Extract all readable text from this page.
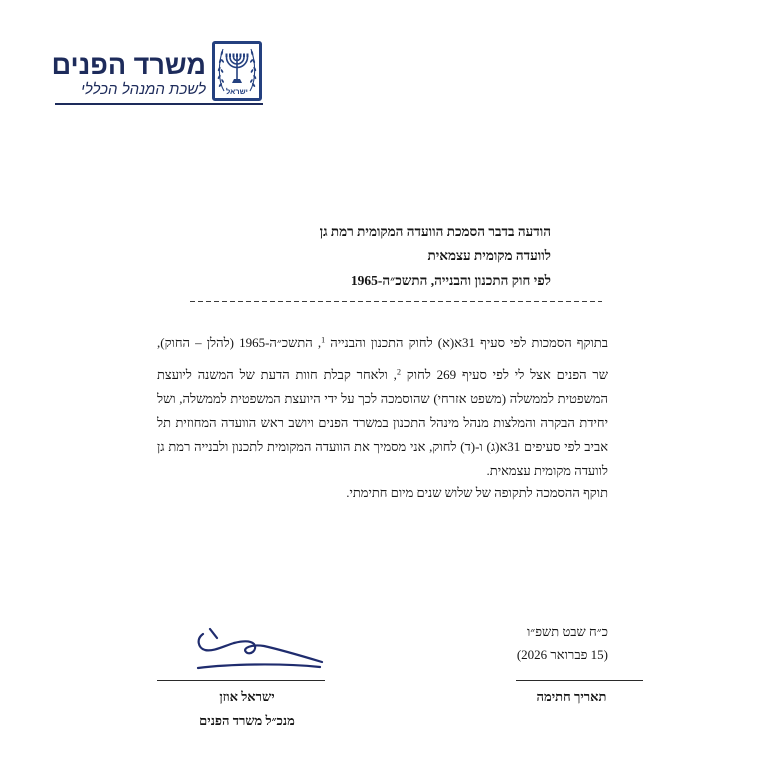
ישראל
משרד הפנים
לשכת המנהל הכללי
הודעה בדבר הסמכת הוועדה המקומית רמת גן
לוועדה מקומית עצמאית
לפי חוק התכנון והבנייה, התשכ״ה-1965
בתוקף הסמכות לפי סעיף 31א(א) לחוק התכנון והבנייה $^1$, התשכ״ה-1965 (להלן – החוק),
שר הפנים אצל לי לפי סעיף 269 לחוק $^2$, ולאחר קבלת חוות הדעת של המשנה ליועצת
המשפטית לממשלה (משפט אזרחי) שהוסמכה לכך על ידי היועצת המשפטית לממשלה, ושל
יחידת הבקרה והמלצות מנהל מינהל התכנון במשרד הפנים ויושב ראש הוועדה המחוזית תל
אביב לפי סעיפים 31א(ג) ו-(ד) לחוק, אני מסמיך את הוועדה המקומית לתכנון ולבנייה רמת גן
לוועדה מקומית עצמאית.
תוקף ההסמכה לתקופה של שלוש שנים מיום חתימתי.
כ״ח שבט תשפ״ו
(15 פברואר 2026)
תאריך חתימה
ישראל אוזן
מנכ״ל משרד הפנים
